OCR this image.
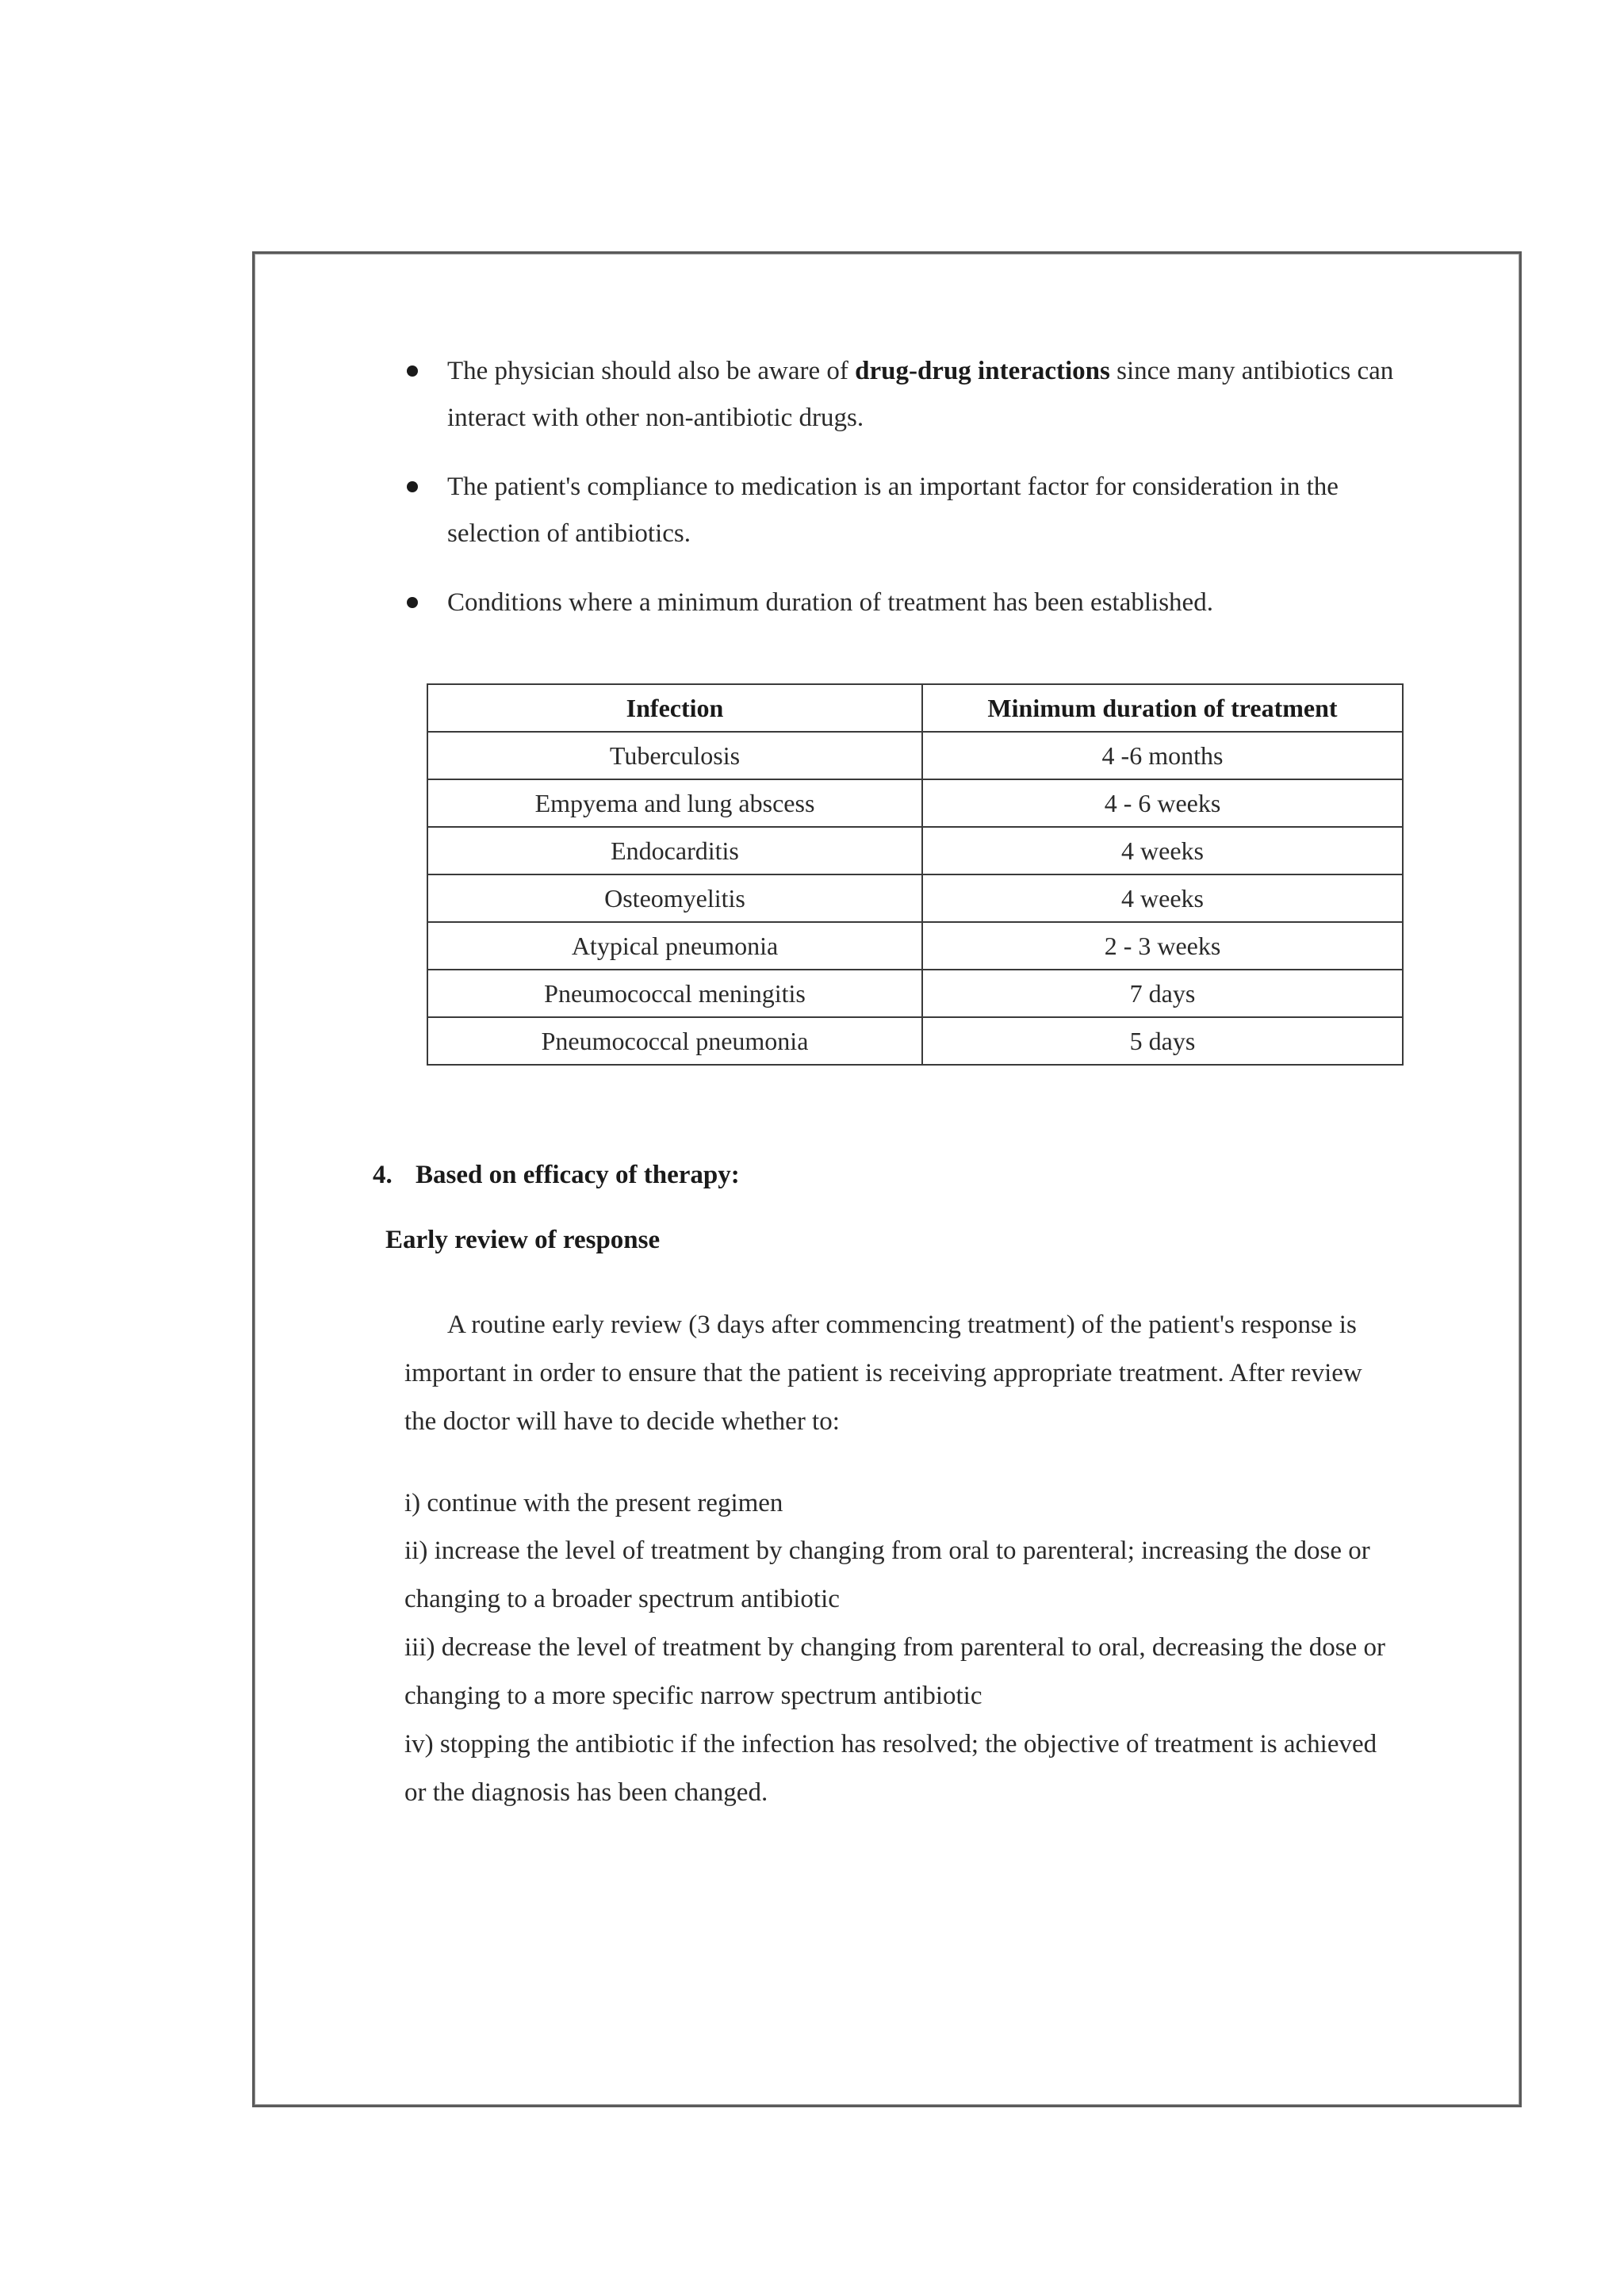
The physician should also be aware of drug-drug interactions since many antibiotics can

interact with other non-antibiotic drugs.

The patient's compliance to medication is an important factor for consideration in the

selection of antibiotics.

Conditions where a minimum duration of treatment has been established.

Infection	Minimum duration of treatment
Tuberculosis	4 -6 months
Empyema and lung abscess	4 - 6 weeks
Endocarditis	4 weeks
Osteomyelitis	4 weeks
Atypical pneumonia	2 - 3 weeks
Pneumococcal meningitis	7 days
Pneumococcal pneumonia	5 days

4. Based on efficacy of therapy:

Early review of response

A routine early review (3 days after commencing treatment) of the patient's response is

important in order to ensure that the patient is receiving appropriate treatment. After review

the doctor will have to decide whether to:

i) continue with the present regimen

ii) increase the level of treatment by changing from oral to parenteral; increasing the dose or

changing to a broader spectrum antibiotic

iii) decrease the level of treatment by changing from parenteral to oral, decreasing the dose or

changing to a more specific narrow spectrum antibiotic

iv) stopping the antibiotic if the infection has resolved; the objective of treatment is achieved

or the diagnosis has been changed.
